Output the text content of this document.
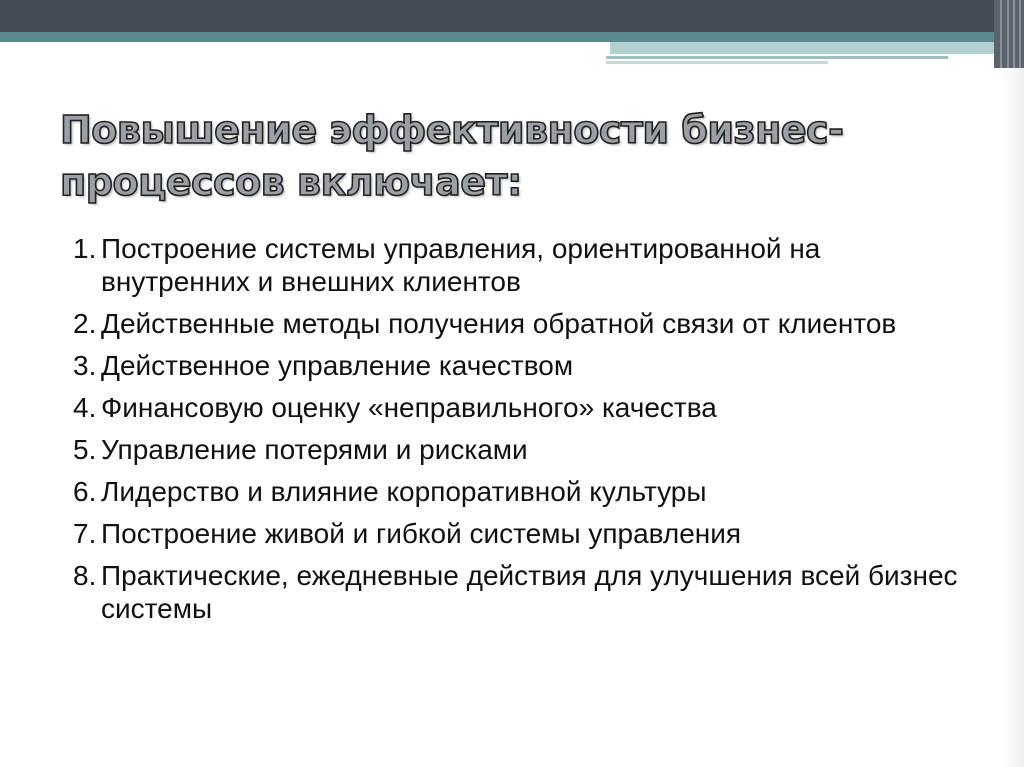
Повышение эффективности бизнес-процессов включает:
1. Построение системы управления, ориентированной на внутренних и внешних клиентов
2. Действенные методы получения обратной связи от клиентов
3. Действенное управление качеством
4. Финансовую оценку «неправильного» качества
5. Управление потерями и рисками
6. Лидерство и влияние корпоративной культуры
7. Построение живой и гибкой системы управления
8. Практические, ежедневные действия для улучшения всей бизнес системы
